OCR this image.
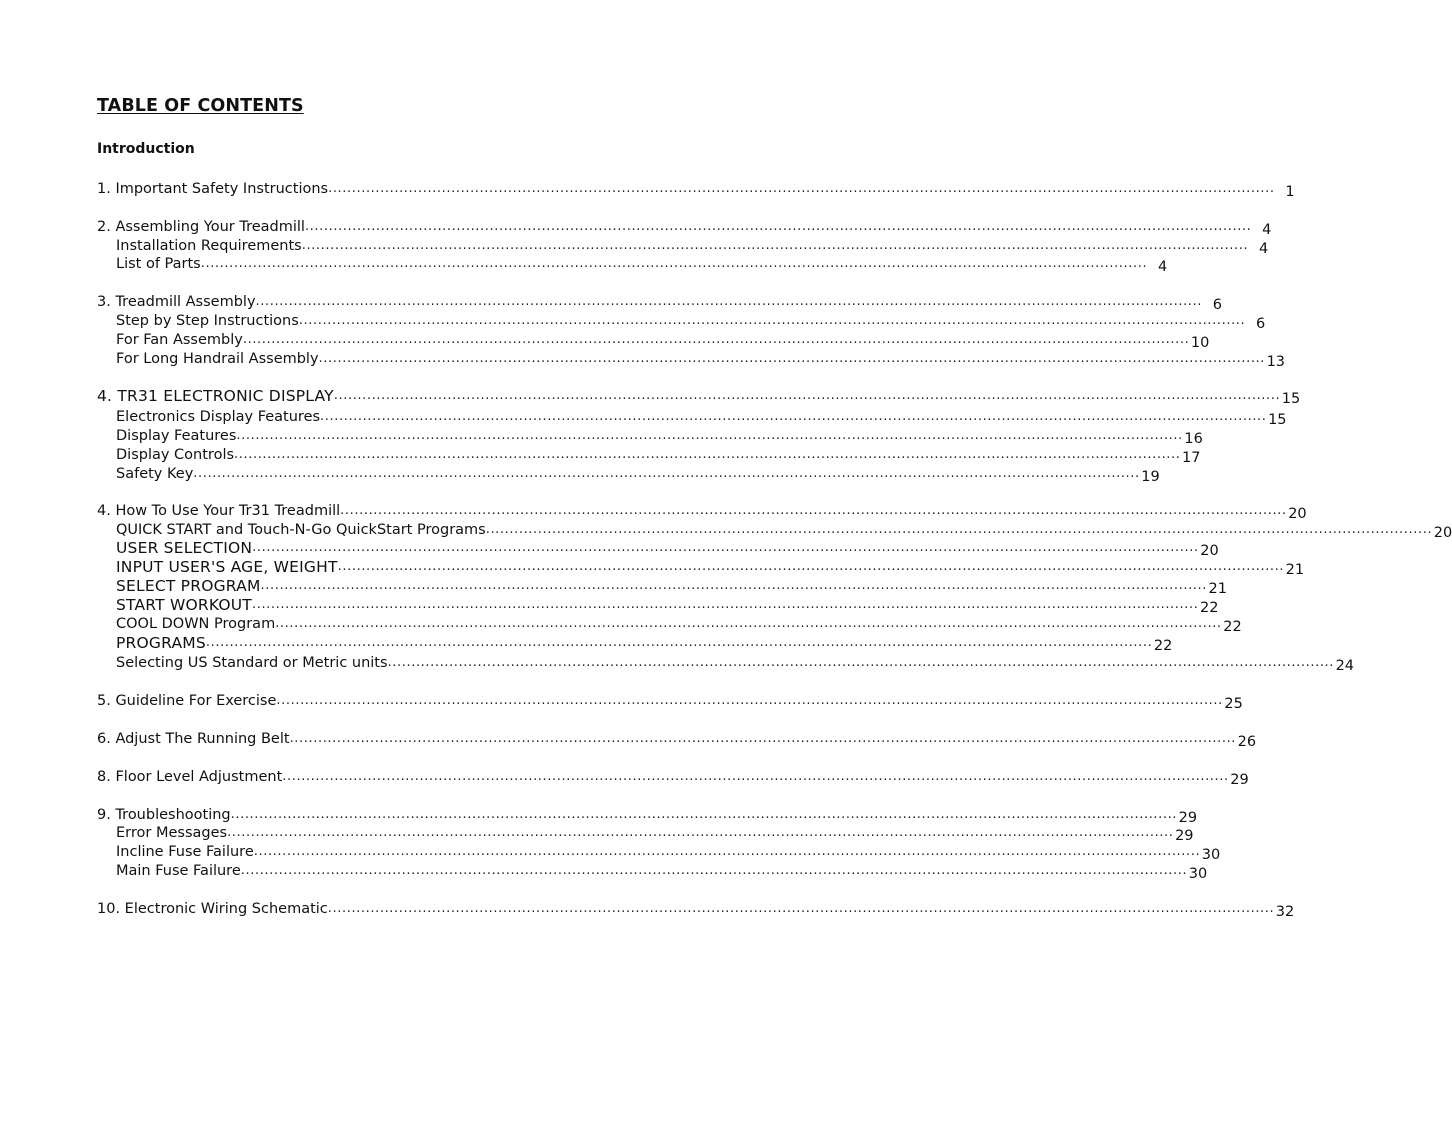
TABLE OF CONTENTS
Introduction
1. Important Safety Instructions ........................................................................................................................................................................................................ 1
2. Assembling Your Treadmill ........................................................................................................................................................................................................ 4
Installation Requirements ........................................................................................................................................................................................................ 4
List of Parts ........................................................................................................................................................................................................ 4
3. Treadmill Assembly ........................................................................................................................................................................................................ 6
Step by Step Instructions ........................................................................................................................................................................................................ 6
For Fan Assembly ........................................................................................................................................................................................................ 10
For Long Handrail Assembly ........................................................................................................................................................................................................ 13
4. TR31 ELECTRONIC DISPLAY ........................................................................................................................................................................................................ 15
Electronics Display Features ........................................................................................................................................................................................................ 15
Display Features ........................................................................................................................................................................................................ 16
Display Controls ........................................................................................................................................................................................................ 17
Safety Key ........................................................................................................................................................................................................ 19
4. How To Use Your Tr31 Treadmill ........................................................................................................................................................................................................ 20
QUICK START and Touch-N-Go QuickStart Programs ........................................................................................................................................................................................................ 20
USER SELECTION ........................................................................................................................................................................................................ 20
INPUT USER'S AGE, WEIGHT ........................................................................................................................................................................................................ 21
SELECT PROGRAM ........................................................................................................................................................................................................ 21
START WORKOUT ........................................................................................................................................................................................................ 22
COOL DOWN Program ........................................................................................................................................................................................................ 22
PROGRAMS ........................................................................................................................................................................................................ 22
Selecting US Standard or Metric units ........................................................................................................................................................................................................ 24
5. Guideline For Exercise ........................................................................................................................................................................................................ 25
6. Adjust The Running Belt ........................................................................................................................................................................................................ 26
8. Floor Level Adjustment ........................................................................................................................................................................................................ 29
9. Troubleshooting ........................................................................................................................................................................................................ 29
Error Messages ........................................................................................................................................................................................................ 29
Incline Fuse Failure ........................................................................................................................................................................................................ 30
Main Fuse Failure ........................................................................................................................................................................................................ 30
10. Electronic Wiring Schematic ........................................................................................................................................................................................................ 32
